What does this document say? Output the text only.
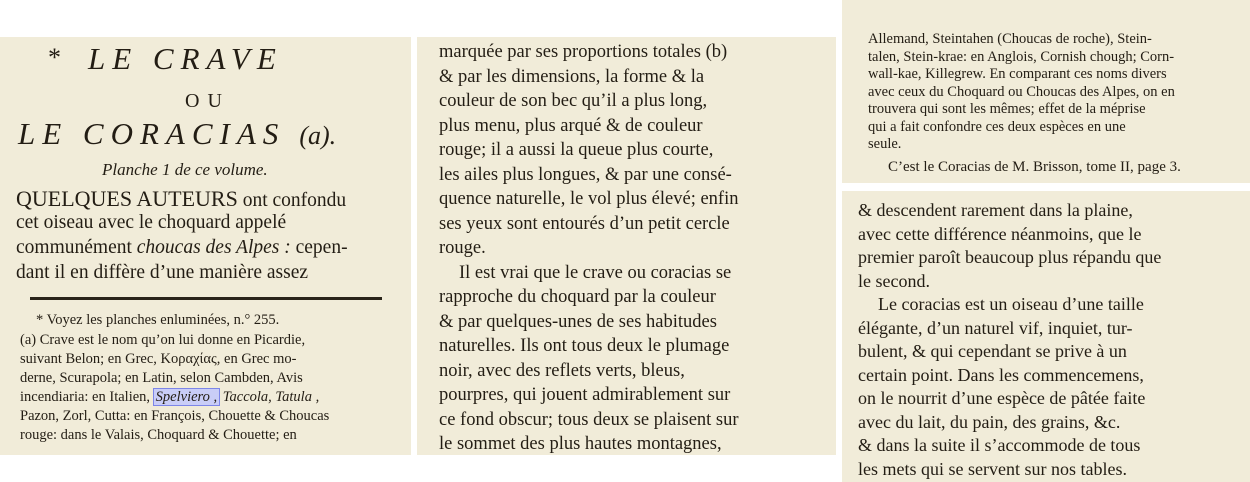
* LE CRAVE
OU
LE CORACIAS (a).
Planche 1 de ce volume.
QUELQUES AUTEURS ont confondu
cet oiseau avec le choquard appelé
communément choucas des Alpes : cepen-
dant il en diffère d’une manière assez
* Voyez les planches enluminées, n.° 255.
(a) Crave est le nom qu’on lui donne en Picardie,
suivant Belon; en Grec, Κοραχίας, en Grec mo-
derne, Scurapola; en Latin, selon Cambden, Avis
incendiaria: en Italien, Spelviero , Taccola, Tatula ,
Pazon, Zorl, Cutta: en François, Chouette & Choucas
rouge: dans le Valais, Choquard & Chouette; en
marquée par ses proportions totales (b)
& par les dimensions, la forme & la
couleur de son bec qu’il a plus long,
plus menu, plus arqué & de couleur
rouge; il a aussi la queue plus courte,
les ailes plus longues, & par une consé-
quence naturelle, le vol plus élevé; enfin
ses yeux sont entourés d’un petit cercle
rouge.
Il est vrai que le crave ou coracias se
rapproche du choquard par la couleur
& par quelques-unes de ses habitudes
naturelles. Ils ont tous deux le plumage
noir, avec des reflets verts, bleus,
pourpres, qui jouent admirablement sur
ce fond obscur; tous deux se plaisent sur
le sommet des plus hautes montagnes,
Allemand, Steintahen (Choucas de roche), Stein-
talen, Stein-krae: en Anglois, Cornish chough; Corn-
wall-kae, Killegrew. En comparant ces noms divers
avec ceux du Choquard ou Choucas des Alpes, on en
trouvera qui sont les mêmes; effet de la méprise
qui a fait confondre ces deux espèces en une
seule.
C’est le Coracias de M. Brisson, tome II, page 3.
& descendent rarement dans la plaine,
avec cette différence néanmoins, que le
premier paroît beaucoup plus répandu que
le second.
Le coracias est un oiseau d’une taille
élégante, d’un naturel vif, inquiet, tur-
bulent, & qui cependant se prive à un
certain point. Dans les commencemens,
on le nourrit d’une espèce de pâtée faite
avec du lait, du pain, des grains, &c.
& dans la suite il s’accommode de tous
les mets qui se servent sur nos tables.
